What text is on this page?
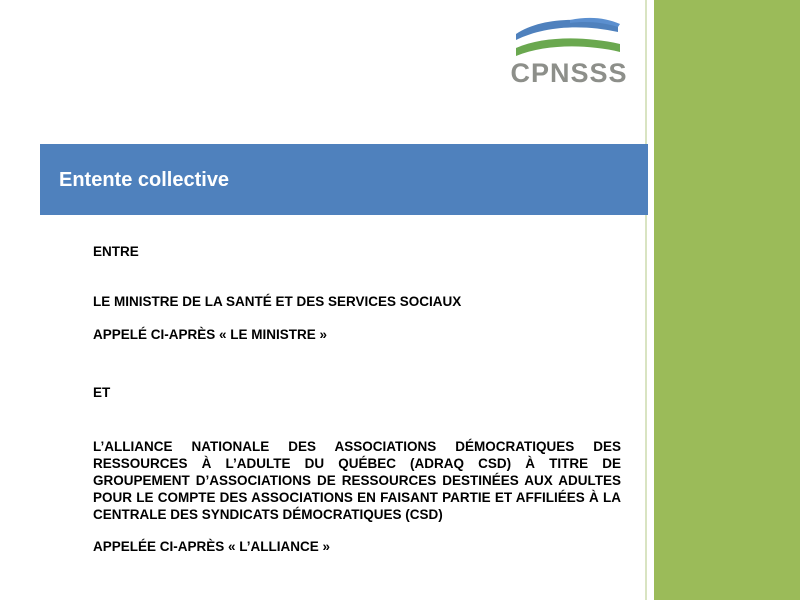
CPNSSS
Entente collective

ENTRE

LE MINISTRE DE LA SANTÉ ET DES SERVICES SOCIAUX

APPELÉ CI-APRÈS « LE MINISTRE »

ET

L’ALLIANCE NATIONALE DES ASSOCIATIONS DÉMOCRATIQUES DES RESSOURCES À L’ADULTE DU QUÉBEC (ADRAQ CSD) À TITRE DE GROUPEMENT D’ASSOCIATIONS DE RESSOURCES DESTINÉES AUX ADULTES POUR LE COMPTE DES ASSOCIATIONS EN FAISANT PARTIE ET AFFILIÉES À LA CENTRALE DES SYNDICATS DÉMOCRATIQUES (CSD)

APPELÉE CI-APRÈS « L’ALLIANCE »
